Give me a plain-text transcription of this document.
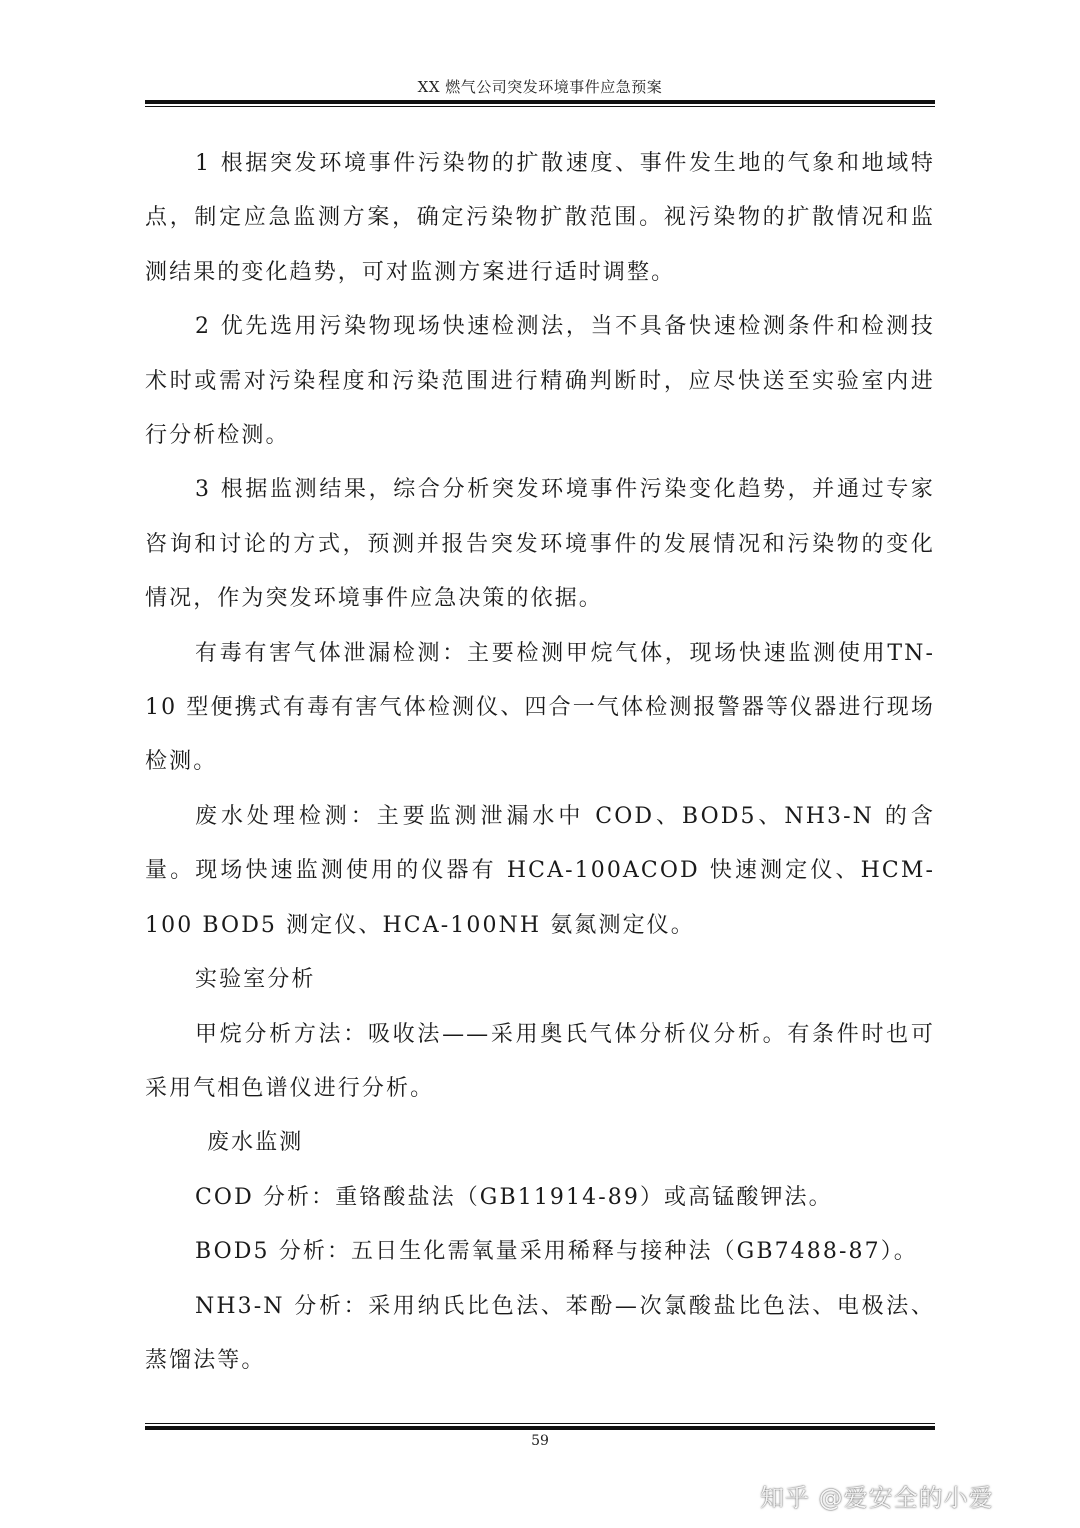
XX 燃气公司突发环境事件应急预案

1 根据突发环境事件污染物的扩散速度、事件发生地的气象和地域特点，制定应急监测方案，确定污染物扩散范围。视污染物的扩散情况和监测结果的变化趋势，可对监测方案进行适时调整。

2 优先选用污染物现场快速检测法，当不具备快速检测条件和检测技术时或需对污染程度和污染范围进行精确判断时，应尽快送至实验室内进行分析检测。

3 根据监测结果，综合分析突发环境事件污染变化趋势，并通过专家咨询和讨论的方式，预测并报告突发环境事件的发展情况和污染物的变化情况，作为突发环境事件应急决策的依据。

有毒有害气体泄漏检测：主要检测甲烷气体，现场快速监测使用TN-10 型便携式有毒有害气体检测仪、四合一气体检测报警器等仪器进行现场检测。

废水处理检测：主要监测泄漏水中 COD、BOD5、NH3-N 的含量。现场快速监测使用的仪器有 HCA-100ACOD 快速测定仪、HCM-100 BOD5 测定仪、HCA-100NH 氨氮测定仪。

实验室分析

甲烷分析方法：吸收法——采用奥氏气体分析仪分析。有条件时也可采用气相色谱仪进行分析。

废水监测

COD 分析：重铬酸盐法（GB11914-89）或高锰酸钾法。

BOD5 分析：五日生化需氧量采用稀释与接种法（GB7488-87）。

NH3-N 分析：采用纳氏比色法、苯酚—次氯酸盐比色法、电极法、蒸馏法等。

59
知乎 @爱安全的小爱
